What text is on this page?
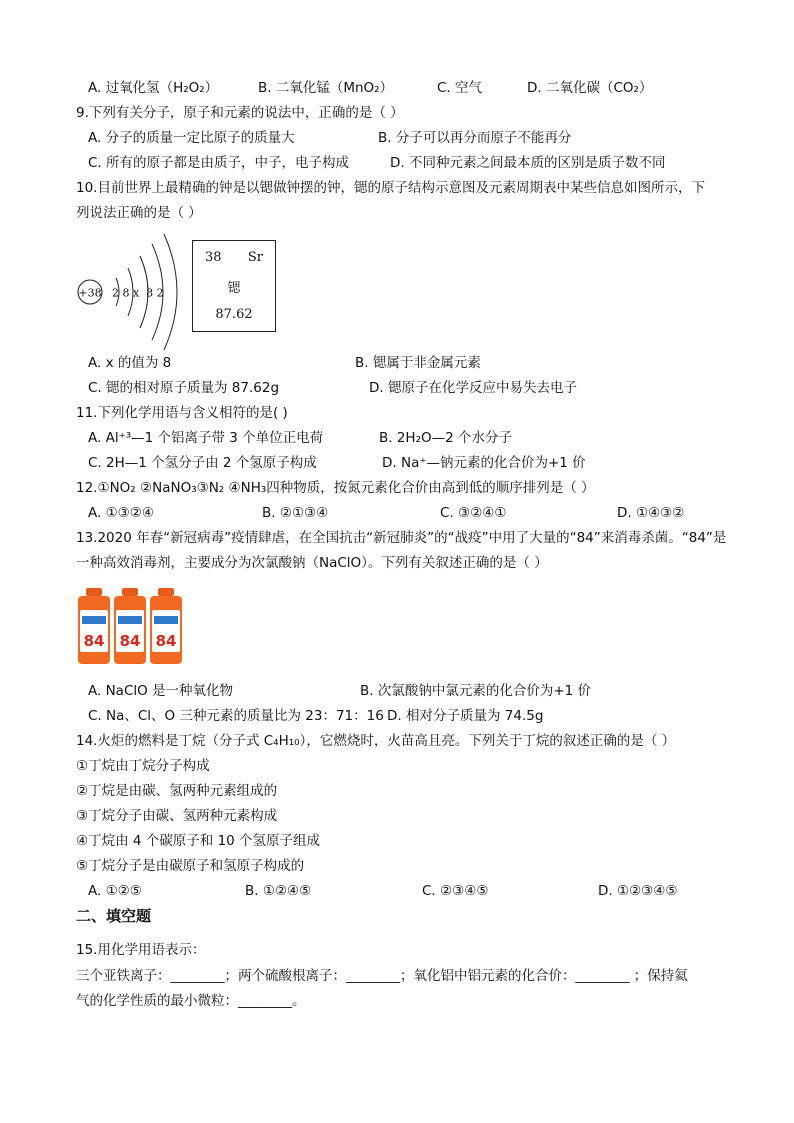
A. 过氧化氢（H₂O₂）	B. 二氧化锰（MnO₂）	C. 空气	D. 二氧化碳（CO₂）
9.下列有关分子，原子和元素的说法中，正确的是（ ）
A. 分子的质量一定比原子的质量大	B. 分子可以再分而原子不能再分
C. 所有的原子都是由质子，中子，电子构成	D. 不同种元素之间最本质的区别是质子数不同
10.目前世界上最精确的钟是以锶做钟摆的钟，锶的原子结构示意图及元素周期表中某些信息如图所示，下
列说法正确的是（ ）
+38 2 8 x  8 2
38 Sr
锶
87.62
A. x 的值为 8	B. 锶属于非金属元素
C. 锶的相对原子质量为 87.62g	D. 锶原子在化学反应中易失去电子
11.下列化学用语与含义相符的是( )
A. Al⁺³—1 个铝离子带 3 个单位正电荷	B. 2H₂O—2 个水分子
C. 2H—1 个氢分子由 2 个氢原子构成	D. Na⁺—钠元素的化合价为+1 价
12.①NO₂ ②NaNO₃③N₂ ④NH₃四种物质，按氮元素化合价由高到低的顺序排列是（ ）
A. ①③②④	B. ②①③④	C. ③②④①	D. ①④③②
13.2020 年春“新冠病毒”疫情肆虐，在全国抗击“新冠肺炎”的“战疫”中用了大量的“84”来消毒杀菌。“84”是
一种高效消毒剂，主要成分为次氯酸钠（NaClO）。下列有关叙述正确的是（ ）
84 84 84
A. NaClO 是一种氧化物	B. 次氯酸钠中氯元素的化合价为+1 价
C. Na、Cl、O 三种元素的质量比为 23：71：16 D. 相对分子质量为 74.5g
14.火炬的燃料是丁烷（分子式 C₄H₁₀），它燃烧时，火苗高且亮。下列关于丁烷的叙述正确的是（ ）
①丁烷由丁烷分子构成
②丁烷是由碳、氢两种元素组成的
③丁烷分子由碳、氢两种元素构成
④丁烷由 4 个碳原子和 10 个氢原子组成
⑤丁烷分子是由碳原子和氢原子构成的
A. ①②⑤	B. ①②④⑤	C. ②③④⑤	D. ①②③④⑤
二、填空题
15.用化学用语表示：
三个亚铁离子：________；两个硫酸根离子：________；氧化铝中铝元素的化合价：________ ；保持氦
气的化学性质的最小微粒：________。
